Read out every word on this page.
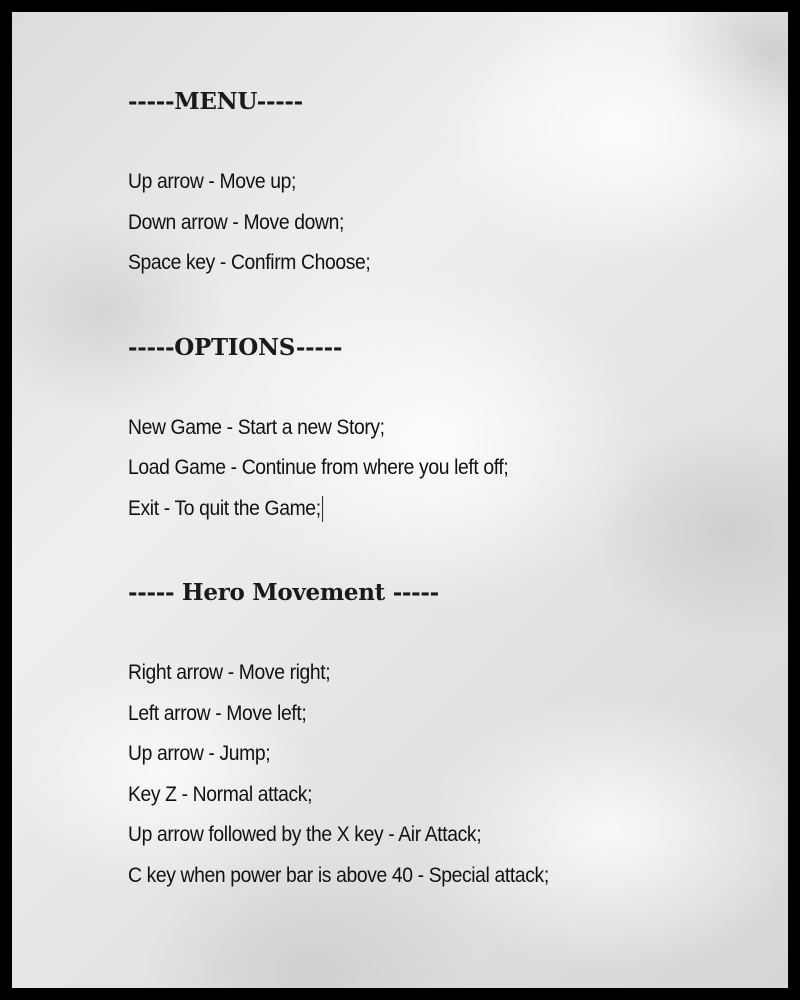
-----MENU-----
Up arrow - Move up;
Down arrow - Move down;
Space key - Confirm Choose;
-----OPTIONS-----
New Game - Start a new Story;
Load Game - Continue from where you left off;
Exit - To quit the Game;
----- Hero Movement -----
Right arrow - Move right;
Left arrow - Move left;
Up arrow - Jump;
Key Z - Normal attack;
Up arrow followed by the X key - Air Attack;
C key when power bar is above 40 - Special attack;
